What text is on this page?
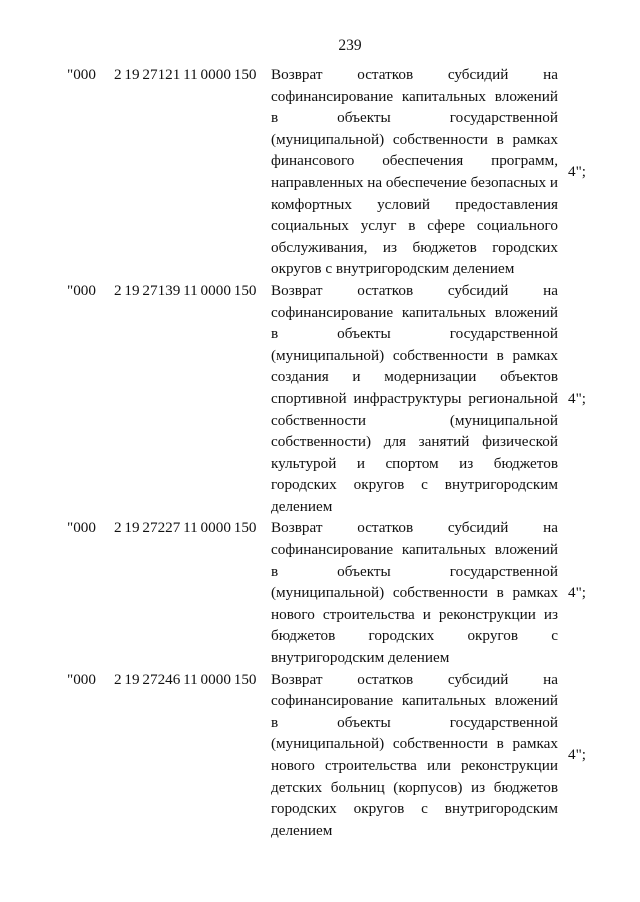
239
"000 2 19 27121 11 0000 150 Возврат остатков субсидий на
софинансирование капитальных вложений
в объекты государственной
(муниципальной) собственности в рамках
финансового обеспечения программ,
направленных на обеспечение безопасных и
комфортных условий предоставления
социальных услуг в сфере социального
обслуживания, из бюджетов городских
округов с внутригородским делением
4";
"000 2 19 27139 11 0000 150 Возврат остатков субсидий на
софинансирование капитальных вложений
в объекты государственной
(муниципальной) собственности в рамках
создания и модернизации объектов
спортивной инфраструктуры региональной
собственности (муниципальной
собственности) для занятий физической
культурой и спортом из бюджетов
городских округов с внутригородским
делением
4";
"000 2 19 27227 11 0000 150 Возврат остатков субсидий на
софинансирование капитальных вложений
в объекты государственной
(муниципальной) собственности в рамках
нового строительства и реконструкции из
бюджетов городских округов с
внутригородским делением
4";
"000 2 19 27246 11 0000 150 Возврат остатков субсидий на
софинансирование капитальных вложений
в объекты государственной
(муниципальной) собственности в рамках
нового строительства или реконструкции
детских больниц (корпусов) из бюджетов
городских округов с внутригородским
делением
4";
